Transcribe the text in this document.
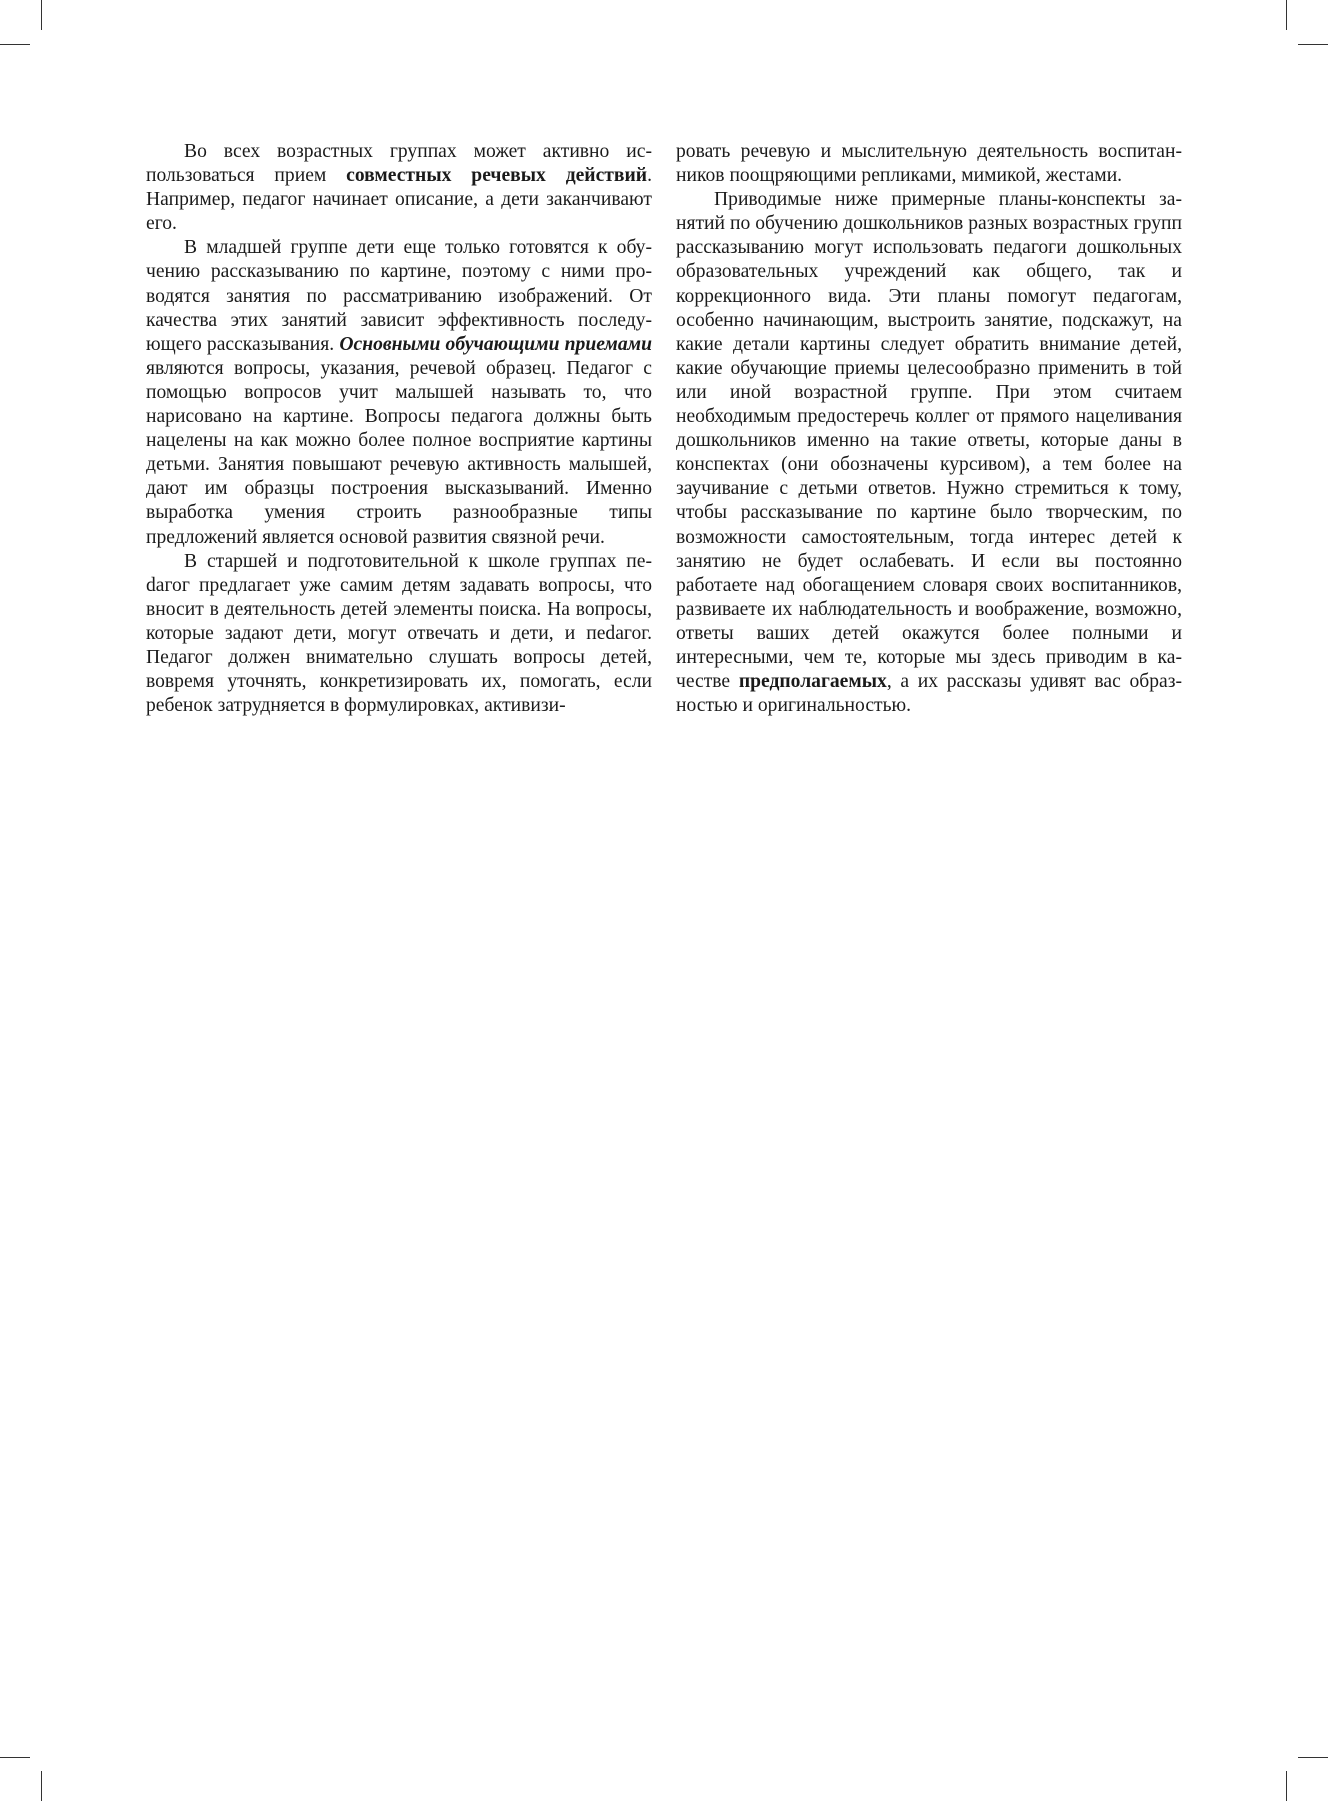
Во всех возрастных группах может активно использоваться прием совместных речевых действий. Например, педагог начинает описание, а дети заканчивают его.

В младшей группе дети еще только готовятся к обучению рассказыванию по картине, поэтому с ними проводятся занятия по рассматриванию изображений. От качества этих занятий зависит эффективность последующего рассказывания. Основными обучающими приемами являются вопросы, указания, речевой образец. Педагог с помощью вопросов учит малышей называть то, что нарисовано на картине. Вопросы педагога должны быть нацелены на как можно более полное восприятие картины детьми. Занятия повышают речевую активность малышей, дают им образцы построения высказываний. Именно выработка умения строить разнообразные типы предложений является основой развития связной речи.

В старшей и подготовительной к школе группах пеdагог предлагает уже самим детям задавать вопросы, что вносит в деятельность детей элементы поиска. На вопросы, которые задают дети, могут отвечать и дети, и пеdагог. Педагог должен внимательно слушать вопросы детей, вовремя уточнять, конкретизировать их, помогать, если ребенок затрудняется в формулировках, активизи-

ровать речевую и мыслительную деятельность воспитанников поощряющими репликами, мимикой, жестами.

Приводимые ниже примерные планы-конспекты занятий по обучению дошкольников разных возрастных групп рассказыванию могут использовать педагоги дошкольных образовательных учреждений как общего, так и коррекционного вида. Эти планы помогут педагогам, особенно начинающим, выстроить занятие, подскажут, на какие детали картины следует обратить внимание детей, какие обучающие приемы целесообразно применить в той или иной возрастной группе. При этом считаем необходимым предостеречь коллег от прямого нацеливания дошкольников именно на такие ответы, которые даны в конспектах (они обозначены курсивом), а тем более на заучивание с детьми ответов. Нужно стремиться к тому, чтобы рассказывание по картине было творческим, по возможности самостоятельным, тогда интерес детей к занятию не будет ослабевать. И если вы постоянно работаете над обогащением словаря своих воспитанников, развиваете их наблюдательность и воображение, возможно, ответы ваших детей окажутся более полными и интересными, чем те, которые мы здесь приводим в качестве предполагаемых, а их рассказы удивят вас образностью и оригинальностью.
